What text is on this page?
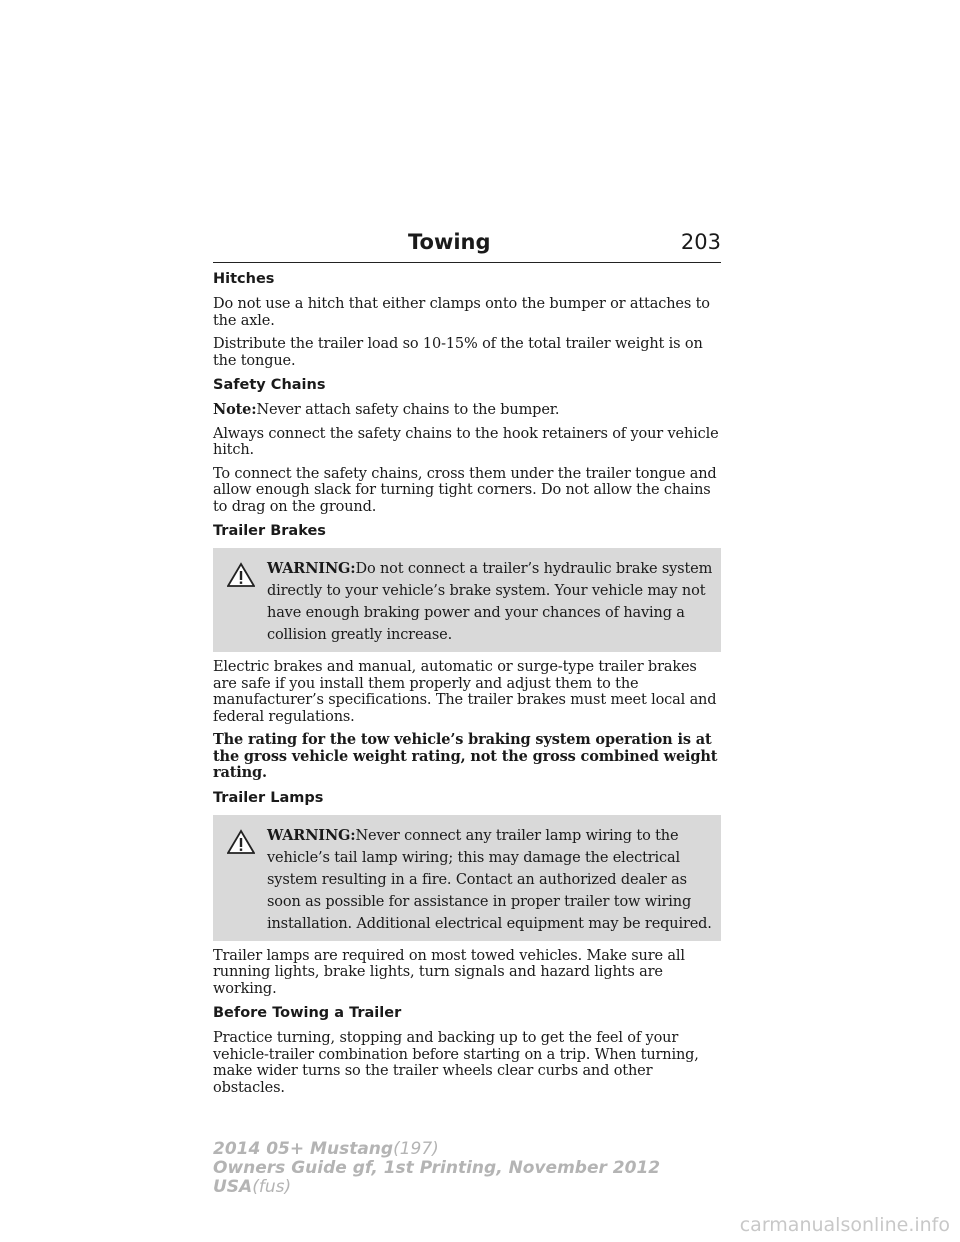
Towing	203
Hitches

Do not use a hitch that either clamps onto the bumper or attaches to the axle.

Distribute the trailer load so 10-15% of the total trailer weight is on the tongue.

Safety Chains

Note:Never attach safety chains to the bumper.

Always connect the safety chains to the hook retainers of your vehicle hitch.

To connect the safety chains, cross them under the trailer tongue and allow enough slack for turning tight corners. Do not allow the chains to drag on the ground.

Trailer Brakes
WARNING:Do not connect a trailer’s hydraulic brake system directly to your vehicle’s brake system. Your vehicle may not have enough braking power and your chances of having a collision greatly increase.

Electric brakes and manual, automatic or surge-type trailer brakes are safe if you install them properly and adjust them to the manufacturer’s specifications. The trailer brakes must meet local and federal regulations.

The rating for the tow vehicle’s braking system operation is at the gross vehicle weight rating, not the gross combined weight rating.

Trailer Lamps
WARNING:Never connect any trailer lamp wiring to the vehicle’s tail lamp wiring; this may damage the electrical system resulting in a fire. Contact an authorized dealer as soon as possible for assistance in proper trailer tow wiring installation. Additional electrical equipment may be required.

Trailer lamps are required on most towed vehicles. Make sure all running lights, brake lights, turn signals and hazard lights are working.

Before Towing a Trailer

Practice turning, stopping and backing up to get the feel of your vehicle-trailer combination before starting on a trip. When turning, make wider turns so the trailer wheels clear curbs and other obstacles.

2014 05+ Mustang(197)
Owners Guide gf, 1st Printing, November 2012
USA(fus)
carmanualsonline.info
